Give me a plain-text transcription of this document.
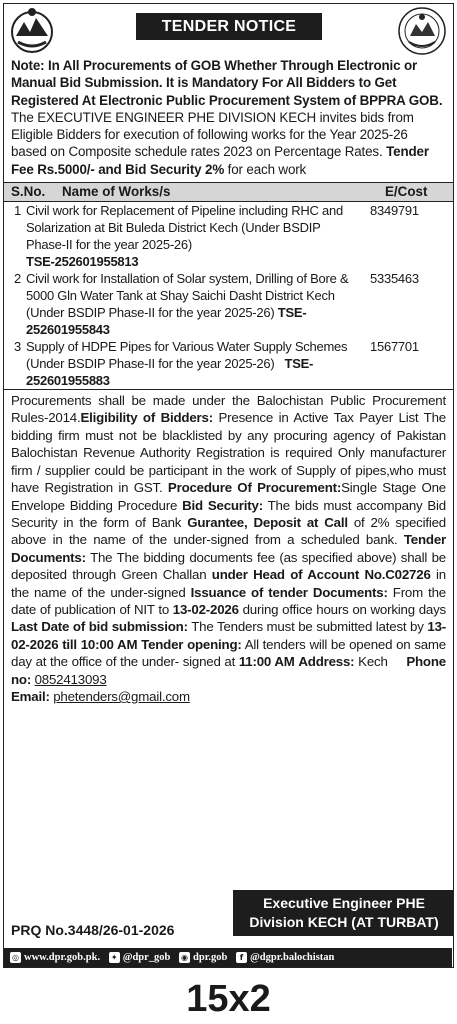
TENDER NOTICE

Note: In All Procurements of GOB Whether Through Electronic or Manual Bid Submission. It is Mandatory For All Bidders to Get Registered At Electronic Public Procurement System of BPPRA GOB. The EXECUTIVE ENGINEER PHE DIVISION KECH invites bids from Eligible Bidders for execution of following works for the Year 2025-26 based on Composite schedule rates 2023 on Percentage Rates. Tender Fee Rs.5000/- and Bid Security 2% for each work

S.No.	Name of Works/s	E/Cost
1 Civil work for Replacement of Pipeline including RHC and Solarization at Bit Buleda District Kech (Under BSDIP Phase-II for the year 2025-26)
TSE-252601955813
8349791
2 Civil work for Installation of Solar system, Drilling of Bore & 5000 Gln Water Tank at Shay Saichi Dasht District Kech (Under BSDIP Phase-II for the year 2025-26) TSE-252601955843
5335463
3 Supply of HDPE Pipes for Various Water Supply Schemes (Under BSDIP Phase-II for the year 2025-26) TSE-252601955883
1567701
Procurements shall be made under the Balochistan Public Procurement Rules-2014.Eligibility of Bidders: Presence in Active Tax Payer List The bidding firm must not be blacklisted by any procuring agency of Pakistan Balochistan Revenue Authority Registration is required Only manufacturer firm / supplier could be participant in the work of Supply of pipes,who must have Registration in GST. Procedure Of Procurement:Single Stage One Envelope Bidding Procedure Bid Security: The bids must accompany Bid Security in the form of Bank Gurantee, Deposit at Call of 2% specified above in the name of the under-signed from a scheduled bank. Tender Documents: The The bidding documents fee (as specified above) shall be deposited through Green Challan under Head of Account No.C02726 in the name of the under-signed Issuance of tender Documents: From the date of publication of NIT to 13-02-2026 during office hours on working days Last Date of bid submission: The Tenders must be submitted latest by 13-02-2026 till 10:00 AM Tender opening: All tenders will be opened on same day at the office of the under- signed at 11:00 AM Address: Kech Phone no: 0852413093
Email: phetenders@gmail.com
Executive Engineer PHE
Division KECH (AT TURBAT)
PRQ No.3448/26-01-2026
◎ www.dpr.gob.pk. ✦ @dpr_gob ◉ dpr.gob f @dgpr.balochistan
15x2
